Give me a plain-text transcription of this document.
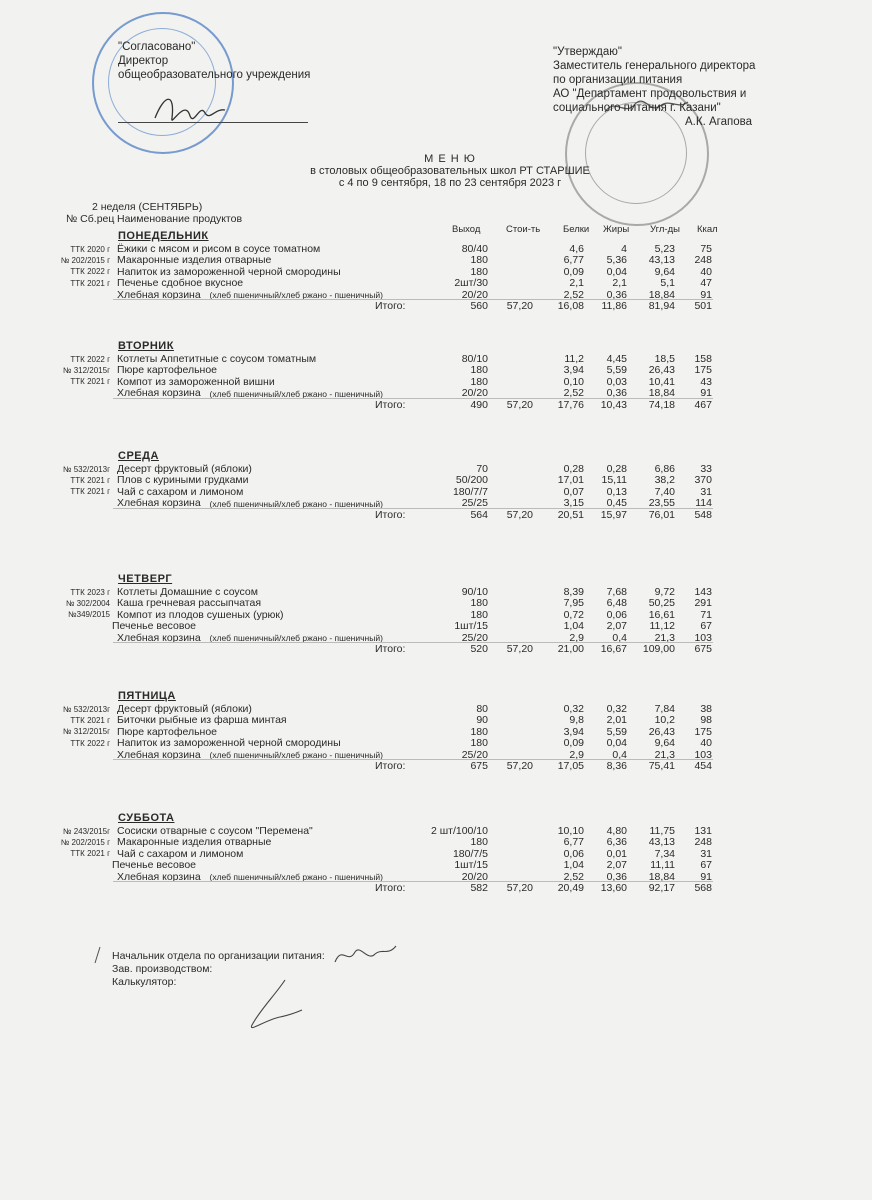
"Согласовано"
Директор
общеобразовательного учреждения
"Утверждаю"
Заместитель генерального директора
по организации питания
АО "Департамент продовольствия и
социального питания г. Казани"
А.К. Агапова
М Е Н Ю
в столовых общеобразовательных школ РТ СТАРШИЕ
с 4 по 9 сентября, 18 по 23 сентября 2023 г
2 неделя (СЕНТЯБРЬ)
№ Сб.рец Наименование продуктов
Выход	Стои-ть Белки Жиры Угл-ды Ккал
ПОНЕДЕЛЬНИК
ТТК 2020 г Ёжики с мясом и рисом в соусе томатном	80/40	4,6	4	5,23 75
№ 202/2015 г Макаронные изделия отварные	180	6,77 5,36 43,13 248
ТТК 2022 г Напиток из замороженной черной смородины	180	0,09 0,04	9,64 40
ТТК 2021 г Печенье сдобное вкусное	2шт/30	2,1	2,1	5,1 47
Хлебная корзина (хлеб пшеничный/хлеб ржано - пшеничный)	20/20	2,52 0,36 18,84 91
Итого:	560 57,20 16,08 11,86 81,94 501
ВТОРНИК
ТТК 2022 г Котлеты Аппетитные с соусом томатным	80/10	11,2 4,45	18,5 158
№ 312/2015г Пюре картофельное	180	3,94 5,59 26,43 175
ТТК 2021 г Компот из замороженной вишни	180	0,10 0,03 10,41 43
Хлебная корзина (хлеб пшеничный/хлеб ржано - пшеничный)	20/20	2,52 0,36 18,84 91
Итого:	490 57,20 17,76 10,43 74,18 467
СРЕДА
№ 532/2013г Десерт фруктовый (яблоки)	70	0,28 0,28	6,86 33
ТТК 2021 г Плов с куриными грудками	50/200	17,01 15,11	38,2 370
ТТК 2021 г Чай с сахаром и лимоном	180/7/7	0,07 0,13	7,40 31
Хлебная корзина (хлеб пшеничный/хлеб ржано - пшеничный)	25/25	3,15 0,45 23,55 114
Итого:	564 57,20 20,51 15,97 76,01 548
ЧЕТВЕРГ
ТТК 2023 г Котлеты Домашние с соусом	90/10	8,39 7,68	9,72 143
№ 302/2004 Каша гречневая рассыпчатая	180	7,95 6,48 50,25 291
№349/2015 Компот из плодов сушеных (урюк)	180	0,72 0,06 16,61 71
Печенье весовое	1шт/15	1,04 2,07 11,12 67
Хлебная корзина (хлеб пшеничный/хлеб ржано - пшеничный)	25/20	2,9	0,4	21,3 103
Итого:	520 57,20 21,00 16,67 109,00 675
ПЯТНИЦА
№ 532/2013г Десерт фруктовый (яблоки)	80	0,32 0,32	7,84 38
ТТК 2021 г Биточки рыбные из фарша минтая	90	9,8 2,01	10,2 98
№ 312/2015г Пюре картофельное	180	3,94 5,59 26,43 175
ТТК 2022 г Напиток из замороженной черной смородины	180	0,09 0,04	9,64 40
Хлебная корзина (хлеб пшеничный/хлеб ржано - пшеничный)	25/20	2,9	0,4	21,3 103
Итого:	675 57,20 17,05 8,36 75,41 454
СУББОТА
№ 243/2015г Сосиски отварные с соусом "Перемена"	2 шт/100/10	10,10 4,80 11,75 131
№ 202/2015 г Макаронные изделия отварные	180	6,77 6,36 43,13 248
ТТК 2021 г Чай с сахаром и лимоном	180/7/5	0,06 0,01	7,34 31
Печенье весовое	1шт/15	1,04 2,07 11,11 67
Хлебная корзина (хлеб пшеничный/хлеб ржано - пшеничный)	20/20	2,52 0,36 18,84 91
Итого:	582 57,20 20,49 13,60 92,17 568
Начальник отдела по организации питания:
Зав. производством:
Калькулятор:
